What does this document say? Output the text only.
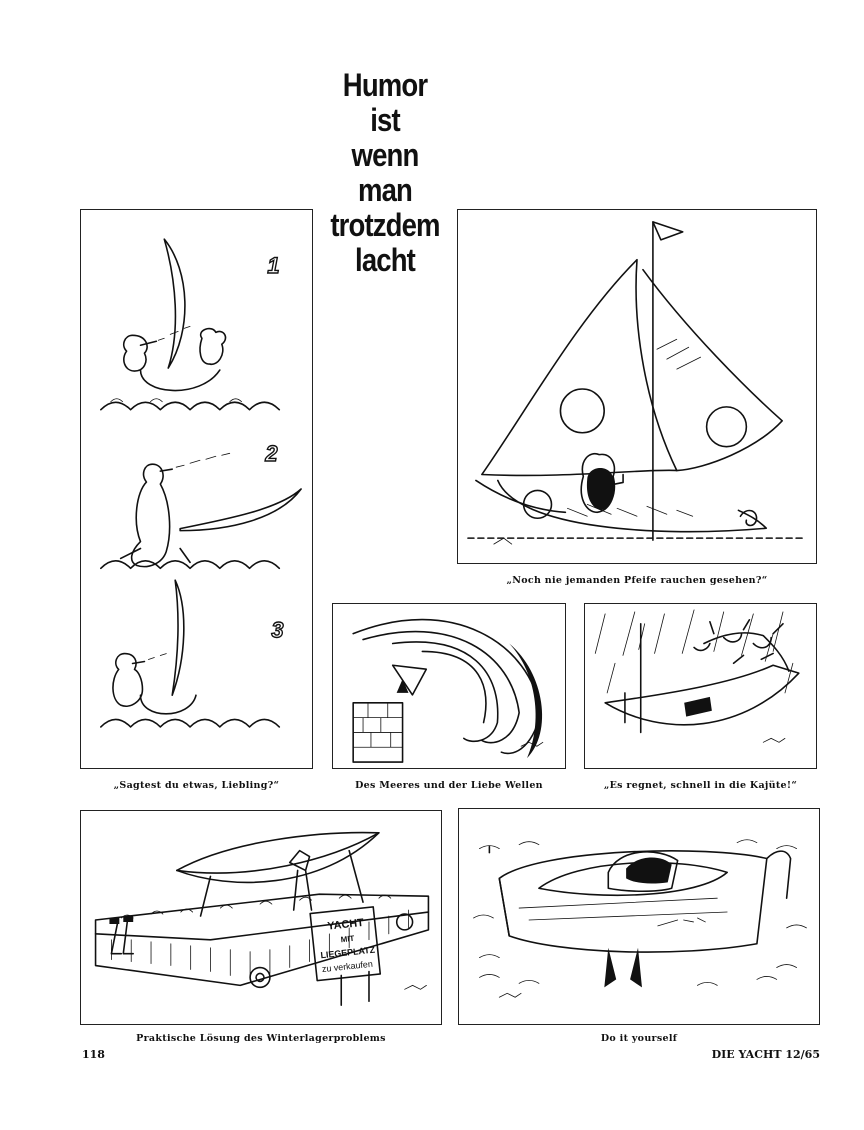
Humor
ist
wenn
man
trotzdem
lacht
1
2
3
„Sagtest du etwas, Liebling?“
„Noch nie jemanden Pfeife rauchen gesehen?“
Des Meeres und der Liebe Wellen	„Es regnet, schnell in die Kajüte!“
YACHT
MIT
LIEGEPLATZ
zu verkaufen
Praktische Lösung des Winterlagerproblems	Do it yourself
118	DIE YACHT 12/65
